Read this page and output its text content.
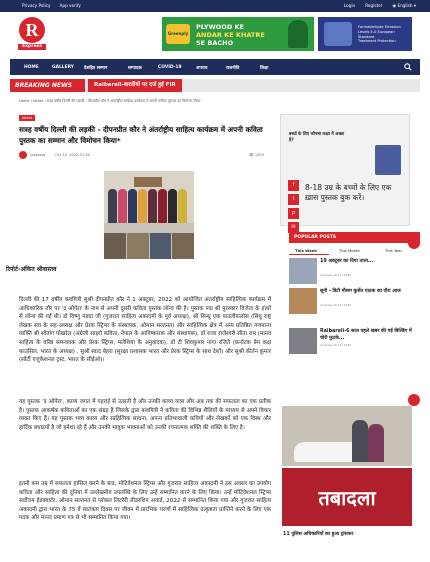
Privacy Policy App verify	Login Register ◉ English ▾
R
Express
Greenply
PLYWOOD KE
ANDAR KE KHATRE
SE BACHO
Formaldehyde Emission Levels E-0 European Standard
Treatment Protection
HOME	GALLERY देशहित सम्मान	सम्पादक	COVID-19	अपराध	राजनीति	शिक्षा
BREAKING NEWS	Raibareli-बारतीयों पर दर्ज हुई FIR
Home / latest / सत्रह वर्षीय दिल्ली की लड़की - दीपनप्रीत कौर ने अंतर्राष्ट्रीय साहित्य कार्यक्रम में अपनी कविता पुस्तक का विमोचन किया
latest
सत्रह वर्षीय दिल्ली की लड़की - दीपनप्रीत कौर ने अंतर्राष्ट्रीय साहित्य कार्यक्रम में अपनी कविता पुस्तक का सम्मान और विमोचन किया*
rexpress	Oct 15, 2022 07:30	👁 1493
बच्चों के लिए कौनसा कक्षा में अच्छा है?
8-18 उम्र के बच्चों के लिए एक ख़ास पुस्तक बुक करें।
f
t
p
✉
POPULAR POSTS
This Week	This Month	This Year
19 अक्टूबर का दिया ताला...
rexpress Oct 5, 2022
सूनी - डिटी मौसम कुर्सेत पाठक का दौरा आज
rexpress Oct 6, 2022
Raibareli-6 साल पहले खबर की गई बिल्डिंग में चोरी फुटके...
rexpress Oct 8, 2022
तबादला
11 पुलिस अधिकारियों का हुआ ट्रांसफर
रिपोर्ट-अंकित श्रीवास्तव
दिल्ली की 17 वर्षीय कवयित्री सुश्री दीपनप्रीत कौर ने 1 अक्टूबर, 2022 को आयोजित अंतर्राष्ट्रीय साहित्यिक कार्यक्रम में आधिकारिक तौर पर 'द ओपेरा' के नाम से अपनी दूसरी कविता पुस्तक लॉन्च की है। पुस्तक पद्म श्री पुरस्कार विजेता के हाथों से लॉन्च की गई थी। डॉ विष्णु पंड्या जी (गुजरात साहित्य अकादमी के पूर्व अध्यक्ष), श्री सिन्धु एक पाउलीफलोस (सिंधु राष्ट्र लेखक संघ के सह-अध्यक्ष और प्रेरक स्ट्रिप्स के संस्थापक, ओमान सल्तनत) और साहित्यिक क्षेत्र में अन्य प्रतिष्ठित गणमान्य व्यक्ति श्री श्वेतांग पोखरेल (अंग्रेजी साइरो कविता, नेपाल के आविष्कारक और संस्थापक), डॉ राजा राजेश्वरी सीता राम (मानव साहित्य के वरिष्ठ समन्वयक और प्रेरक स्ट्रिप्स, मलेशिया के अनुवादक), डॉ टी शिवकुमार नागा रजिते (कर्नाटक प्रेम कक्ष काउंसिल, भारत के अध्यक्ष) , सुश्री स्वाद बेहरा (सुरक्षा प्रशासक भारत और प्रेरक स्ट्रिप्स के साथ देशों) और सुश्री कीर्तन कुमार (सोर्टी एजुकेशनल ट्रस्ट, भारत के सीईओ)।
यह पुस्तक 'द ओपेरा', काव्य जगत में गहराई से उतरती है और उनकी काव्य यात्रा और अब तक की सफलता का एक प्रतीक है। पुस्तक आकर्षक कविताओं का एक संग्रह है जिसके द्वारा कवयित्री ने कविता की विभिन्न शैलियों के माध्यम से अपने विचार व्यक्त किए हैं। यह पुस्तक भव्य काव्य और साहित्यिक साधना, अपना प्रतिभावाली कवियों और लेखकों को एक विस्थ और हार्दिक बधाइयों है जो हमेशा रहे हैं और उनकी भावुक भावनाओं को उनकी रचनात्मक शक्ति की शक्ति के लिए है।
इतनी कम उम्र में सफलता हासिल करने के बाद, मोटिवेशनल स्ट्रिप्स और गुजरात साहित्य अकादमी ने इस अवसर का उपयोग कविता और साहित्य की दुनिया में उल्लेखनीय उपलब्धि के लिए उन्हें सम्मानित करने के लिए किया। उन्हें मोटिवेशनल स्ट्रिप्स सर्वोत्तम हेडक्वार्टर, ओमान सल्तनत से ग्लोबल लिटरेरी लीडरशिप अवार्ड, 2022 से सम्मानित किया गया और गुजरात साहित्य अकादमी द्वारा भारत के 75 वें स्वतंत्रता दिवस पर जीवन में प्रारंभिक चरणों में साहित्यिक उत्कृष्टता प्राप्तिने करने के लिए एक पदक और मानद प्रमाण पत्र से भी सम्मानित किया गया।
